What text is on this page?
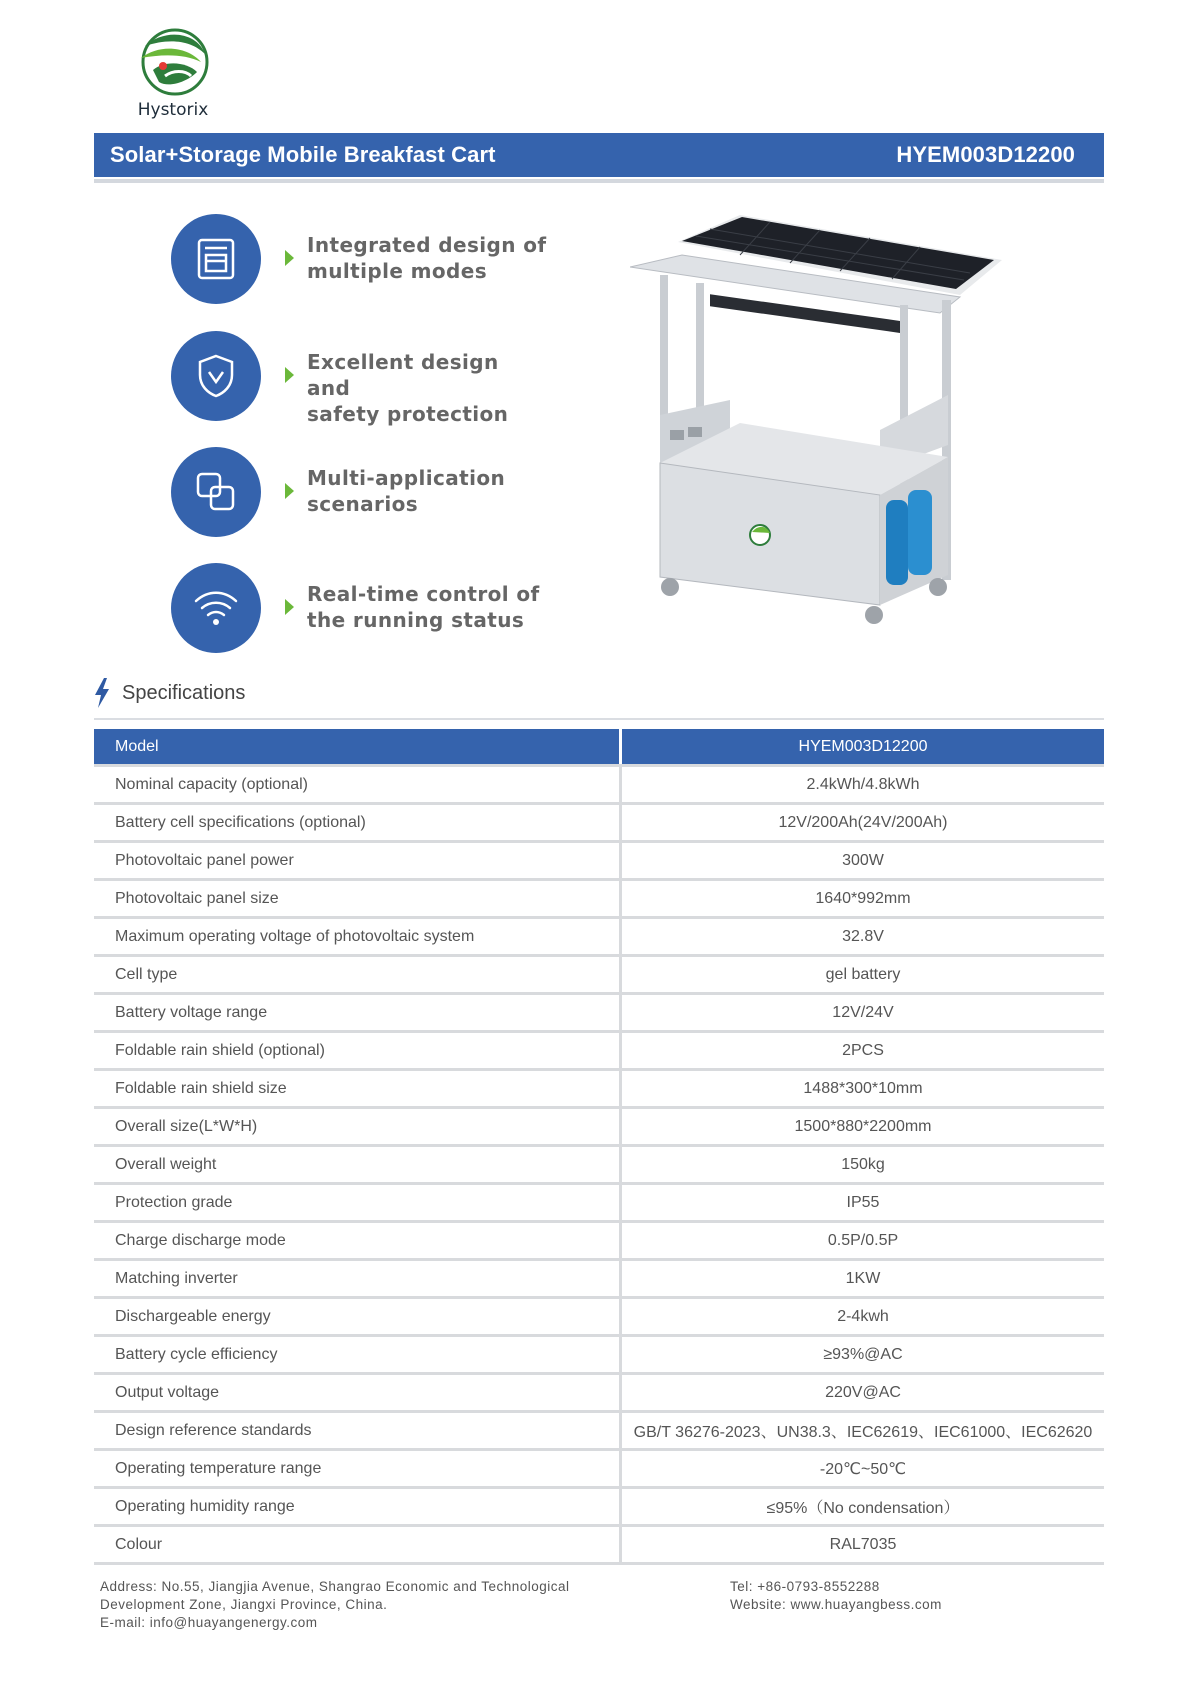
Hystorix
Solar+Storage Mobile Breakfast Cart	HYEM003D12200
Integrated design of
multiple modes
Excellent design and
safety protection
Multi-application
scenarios
Real-time control of
the running status
Specifications
Model	HYEM003D12200
Nominal capacity (optional)	2.4kWh/4.8kWh
Battery cell specifications (optional)	12V/200Ah(24V/200Ah)
Photovoltaic panel power	300W
Photovoltaic panel size	1640*992mm
Maximum operating voltage of photovoltaic system	32.8V
Cell type	gel battery
Battery voltage range	12V/24V
Foldable rain shield (optional)	2PCS
Foldable rain shield size	1488*300*10mm
Overall size(L*W*H)	1500*880*2200mm
Overall weight	150kg
Protection grade	IP55
Charge discharge mode	0.5P/0.5P
Matching inverter	1KW
Dischargeable energy	2-4kwh
Battery cycle efficiency	≥93%@AC
Output voltage	220V@AC
Design reference standards	GB/T 36276-2023、UN38.3、IEC62619、IEC61000、IEC62620
Operating temperature range	-20℃~50℃
Operating humidity range	≤95%（No condensation）
Colour	RAL7035
Address: No.55, Jiangjia Avenue, Shangrao Economic and Technological
Development Zone, Jiangxi Province, China.
E-mail: info@huayangenergy.com
Tel: +86-0793-8552288
Website: www.huayangbess.com
